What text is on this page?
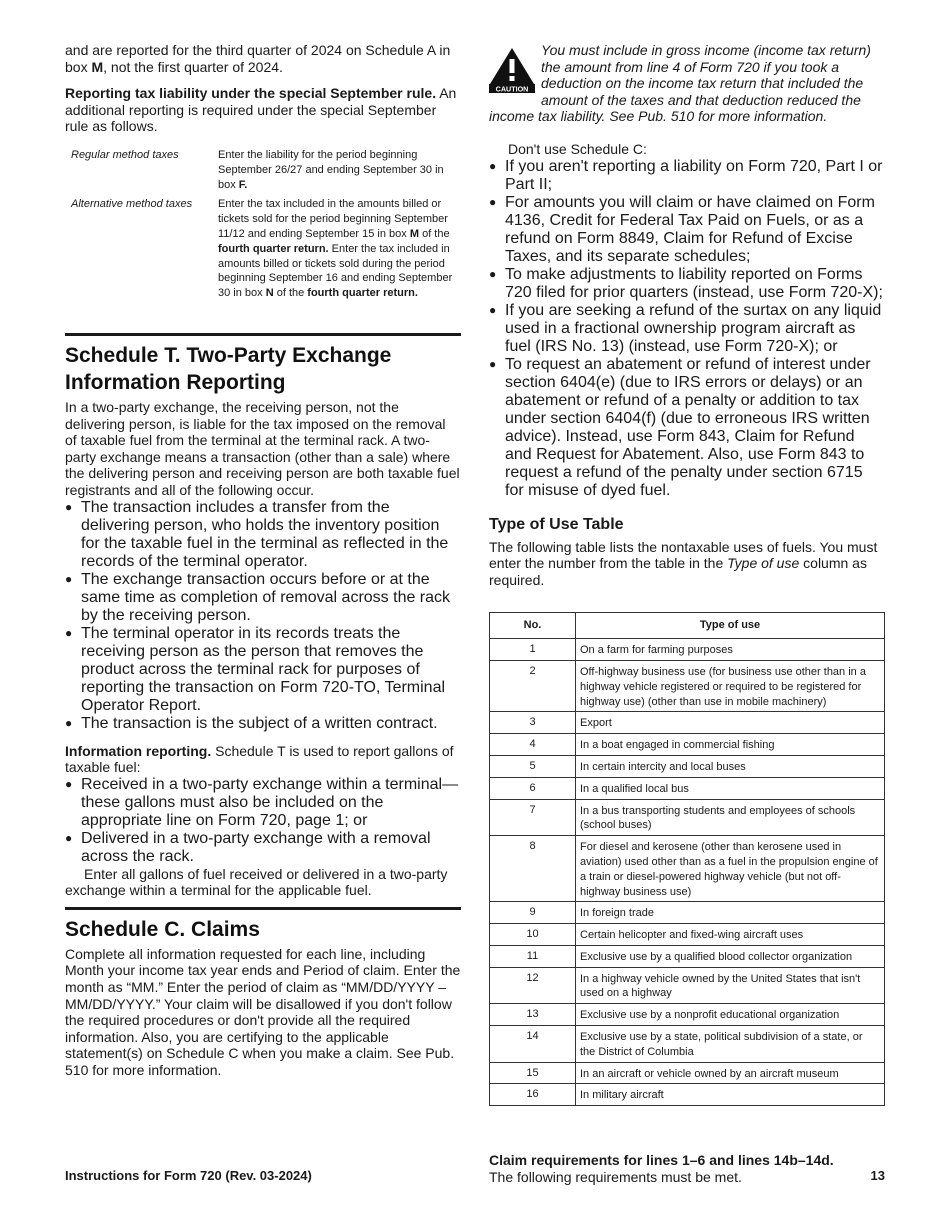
and are reported for the third quarter of 2024 on Schedule A in box M, not the first quarter of 2024.

Reporting tax liability under the special September rule. An additional reporting is required under the special September rule as follows.

Regular method taxes	Enter the liability for the period beginning September 26/27 and ending September 30 in box F.
Alternative method taxes	Enter the tax included in the amounts billed or tickets sold for the period beginning September 11/12 and ending September 15 in box M of the fourth quarter return. Enter the tax included in amounts billed or tickets sold during the period beginning September 16 and ending September 30 in box N of the fourth quarter return.
Schedule T. Two-Party Exchange Information Reporting

In a two-party exchange, the receiving person, not the delivering person, is liable for the tax imposed on the removal of taxable fuel from the terminal at the terminal rack. A two-party exchange means a transaction (other than a sale) where the delivering person and receiving person are both taxable fuel registrants and all of the following occur.

● The transaction includes a transfer from the delivering person, who holds the inventory position for the taxable fuel in the terminal as reflected in the records of the terminal operator.
● The exchange transaction occurs before or at the same time as completion of removal across the rack by the receiving person.
● The terminal operator in its records treats the receiving person as the person that removes the product across the terminal rack for purposes of reporting the transaction on Form 720-TO, Terminal Operator Report.
● The transaction is the subject of a written contract.

Information reporting. Schedule T is used to report gallons of taxable fuel:

● Received in a two-party exchange within a terminal—these gallons must also be included on the appropriate line on Form 720, page 1; or
● Delivered in a two-party exchange with a removal across the rack.

Enter all gallons of fuel received or delivered in a two-party exchange within a terminal for the applicable fuel.

Schedule C. Claims

Complete all information requested for each line, including Month your income tax year ends and Period of claim. Enter the month as “MM.” Enter the period of claim as “MM/DD/YYYY – MM/DD/YYYY.” Your claim will be disallowed if you don't follow the required procedures or don't provide all the required information. Also, you are certifying to the applicable statement(s) on Schedule C when you make a claim. See Pub. 510 for more information.

CAUTION

You must include in gross income (income tax return) the amount from line 4 of Form 720 if you took a deduction on the income tax return that included the amount of the taxes and that deduction reduced the income tax liability. See Pub. 510 for more information.

Don't use Schedule C:

● If you aren't reporting a liability on Form 720, Part I or Part II;
● For amounts you will claim or have claimed on Form 4136, Credit for Federal Tax Paid on Fuels, or as a refund on Form 8849, Claim for Refund of Excise Taxes, and its separate schedules;
● To make adjustments to liability reported on Forms 720 filed for prior quarters (instead, use Form 720-X);
● If you are seeking a refund of the surtax on any liquid used in a fractional ownership program aircraft as fuel (IRS No. 13) (instead, use Form 720-X); or
● To request an abatement or refund of interest under section 6404(e) (due to IRS errors or delays) or an abatement or refund of a penalty or addition to tax under section 6404(f) (due to erroneous IRS written advice). Instead, use Form 843, Claim for Refund and Request for Abatement. Also, use Form 843 to request a refund of the penalty under section 6715 for misuse of dyed fuel.
Type of Use Table

The following table lists the nontaxable uses of fuels. You must enter the number from the table in the Type of use column as required.

No.	Type of use
1	On a farm for farming purposes
2	Off-highway business use (for business use other than in a highway vehicle registered or required to be registered for highway use) (other than use in mobile machinery)
3	Export
4	In a boat engaged in commercial fishing
5	In certain intercity and local buses
6	In a qualified local bus
7	In a bus transporting students and employees of schools (school buses)
8	For diesel and kerosene (other than kerosene used in aviation) used other than as a fuel in the propulsion engine of a train or diesel-powered highway vehicle (but not off-highway business use)
9	In foreign trade
10	Certain helicopter and fixed-wing aircraft uses
11	Exclusive use by a qualified blood collector organization
12	In a highway vehicle owned by the United States that isn't used on a highway
13	Exclusive use by a nonprofit educational organization
14	Exclusive use by a state, political subdivision of a state, or the District of Columbia
15	In an aircraft or vehicle owned by an aircraft museum
16	In military aircraft

Claim requirements for lines 1–6 and lines 14b–14d.
The following requirements must be met.

Instructions for Form 720 (Rev. 03-2024)	13
